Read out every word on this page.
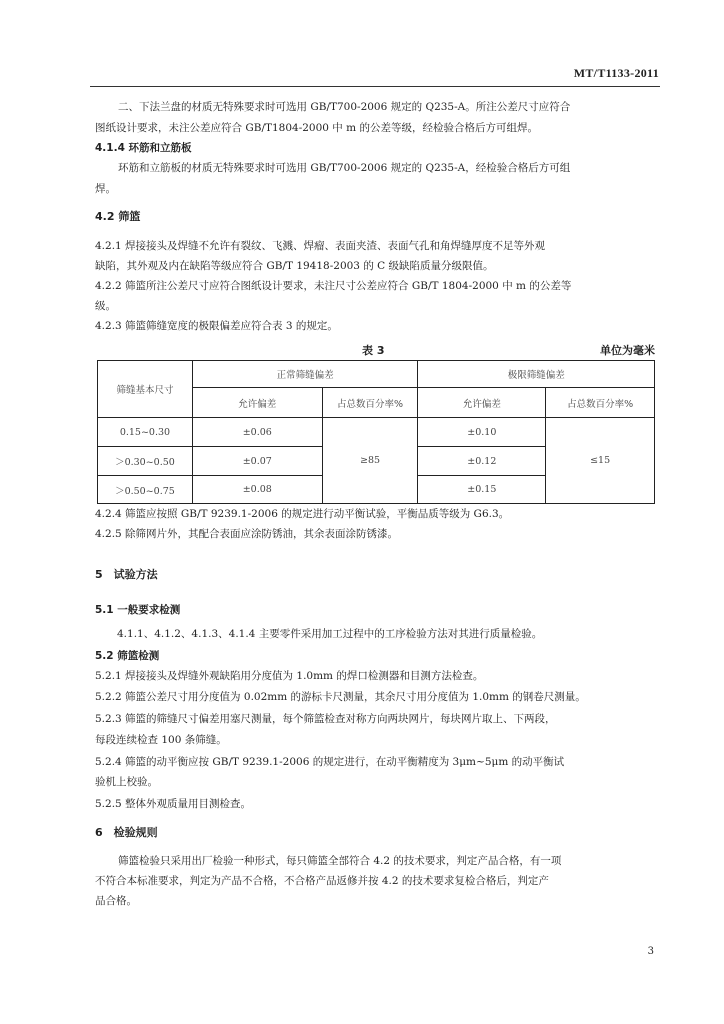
MT/T1133-2011
二、下法兰盘的材质无特殊要求时可选用 GB/T700-2006 规定的 Q235-A。所注公差尺寸应符合
图纸设计要求，未注公差应符合 GB/T1804-2000 中 m 的公差等级，经检验合格后方可组焊。
4.1.4 环筋和立筋板
环筋和立筋板的材质无特殊要求时可选用 GB/T700-2006 规定的 Q235-A，经检验合格后方可组
焊。
4.2 筛篮
4.2.1 焊接接头及焊缝不允许有裂纹、飞溅、焊瘤、表面夹渣、表面气孔和角焊缝厚度不足等外观
缺陷，其外观及内在缺陷等级应符合 GB/T 19418-2003 的 C 级缺陷质量分级限值。
4.2.2 筛篮所注公差尺寸应符合图纸设计要求，未注尺寸公差应符合 GB/T 1804-2000 中 m 的公差等
级。
4.2.3 筛篮筛缝宽度的极限偏差应符合表 3 的规定。
表 3	单位为毫米
筛缝基本尺寸	正常筛缝偏差		极限筛缝偏差	
	允许偏差	占总数百分率%	允许偏差	占总数百分率%
0.15~0.30	±0.06	≥85	±0.10	≤15
＞0.30~0.50	±0.07		±0.12	
＞0.50~0.75	±0.08		±0.15	
4.2.4 筛篮应按照 GB/T 9239.1-2006 的规定进行动平衡试验，平衡品质等级为 G6.3。
4.2.5 除筛网片外，其配合表面应涂防锈油，其余表面涂防锈漆。
5　试验方法
5.1 一般要求检测
4.1.1、4.1.2、4.1.3、4.1.4 主要零件采用加工过程中的工序检验方法对其进行质量检验。
5.2 筛篮检测
5.2.1 焊接接头及焊缝外观缺陷用分度值为 1.0mm 的焊口检测器和目测方法检查。
5.2.2 筛篮公差尺寸用分度值为 0.02mm 的游标卡尺测量，其余尺寸用分度值为 1.0mm 的钢卷尺测量。
5.2.3 筛篮的筛缝尺寸偏差用塞尺测量，每个筛篮检查对称方向两块网片，每块网片取上、下两段，
每段连续检查 100 条筛缝。
5.2.4 筛篮的动平衡应按 GB/T 9239.1-2006 的规定进行，在动平衡精度为 3μm~5μm 的动平衡试
验机上校验。
5.2.5 整体外观质量用目测检查。
6　检验规则
筛篮检验只采用出厂检验一种形式，每只筛篮全部符合 4.2 的技术要求，判定产品合格，有一项
不符合本标准要求，判定为产品不合格，不合格产品返修并按 4.2 的技术要求复检合格后，判定产
品合格。
3
